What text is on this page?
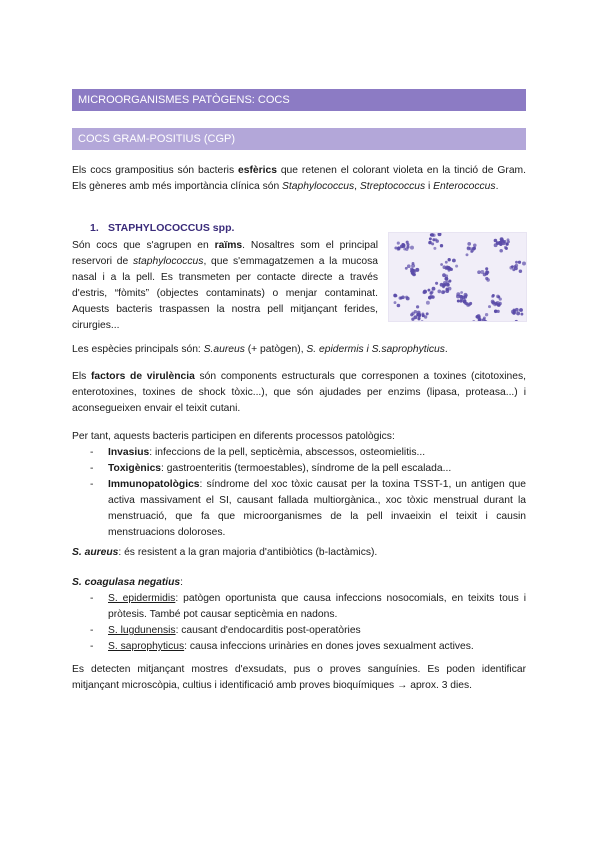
MICROORGANISMES PATÒGENS: COCS
COCS GRAM-POSITIUS (CGP)
Els cocs grampositius són bacteris esfèrics que retenen el colorant violeta en la tinció de Gram. Els gèneres amb més importància clínica són Staphylococcus, Streptococcus i Enterococcus.
1. STAPHYLOCOCCUS spp.
Són cocs que s'agrupen en raïms. Nosaltres som el principal reservori de staphylococcus, que s'emmagatzemen a la mucosa nasal i a la pell. Es transmeten per contacte directe a través d'estris, “fòmits” (objectes contaminats) o menjar contaminat. Aquests bacteris traspassen la nostra pell mitjançant ferides, cirurgies...
Les espècies principals són: S.aureus (+ patògen), S. epidermis i S.saprophyticus.
Els factors de virulència són components estructurals que corresponen a toxines (citotoxines, enterotoxines, toxines de shock tòxic...), que són ajudades per enzims (lipasa, proteasa...) i aconsegueixen envair el teixit cutani.
Per tant, aquests bacteris participen en diferents processos patològics:
- Invasius: infeccions de la pell, septicèmia, abscessos, osteomielitis...
- Toxigènics: gastroenteritis (termoestables), síndrome de la pell escalada...
- Immunopatològics: síndrome del xoc tòxic causat per la toxina TSST-1, un antigen que activa massivament el SI, causant fallada multiorgànica., xoc tòxic menstrual durant la menstruació, que fa que microorganismes de la pell invaeixin el teixit i causin menstruacions doloroses.
S. aureus: és resistent a la gran majoria d'antibiòtics (b-lactàmics).
S. coagulasa negatius:
- S. epidermidis: patògen oportunista que causa infeccions nosocomials, en teixits tous i pròtesis. També pot causar septicèmia en nadons.
- S. lugdunensis: causant d'endocarditis post-operatòries
- S. saprophyticus: causa infeccions urinàries en dones joves sexualment actives.
Es detecten mitjançant mostres d'exsudats, pus o proves sanguínies. Es poden identificar mitjançant microscòpia, cultius i identificació amb proves bioquímiques → aprox. 3 dies.
